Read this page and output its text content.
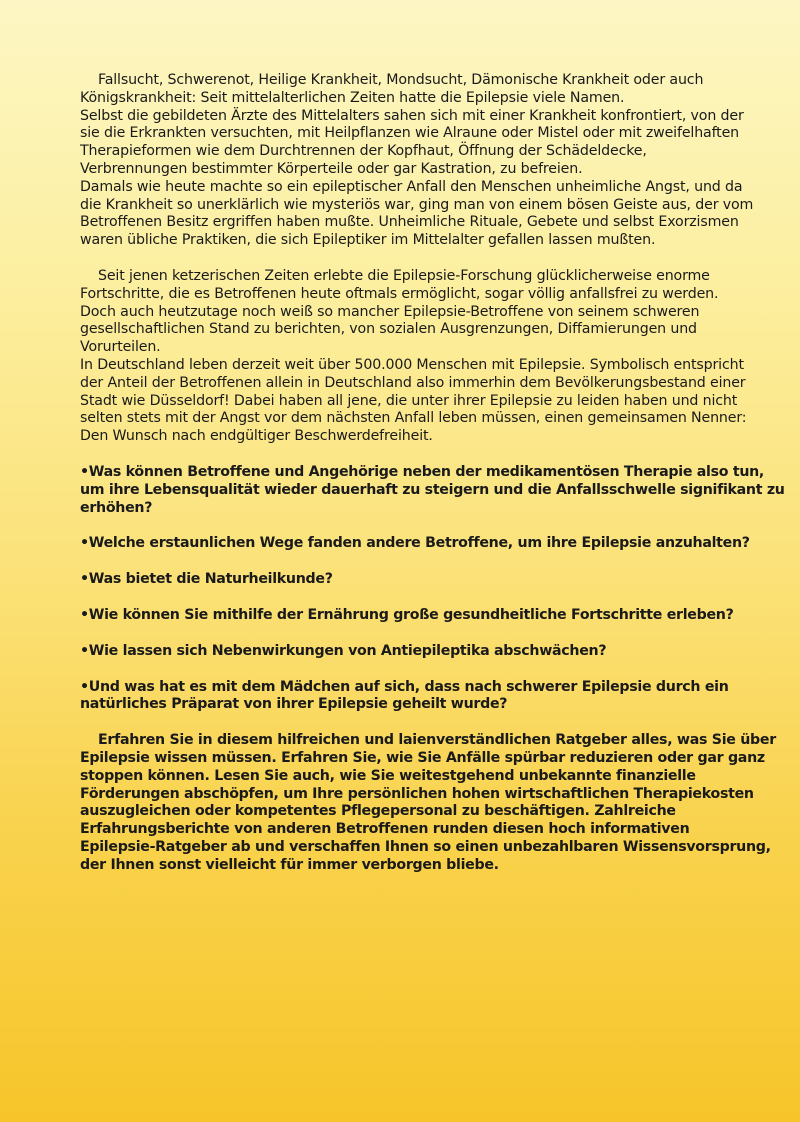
Fallsucht, Schwerenot, Heilige Krankheit, Mondsucht, Dämonische Krankheit oder auch
Königskrankheit: Seit mittelalterlichen Zeiten hatte die Epilepsie viele Namen.
Selbst die gebildeten Ärzte des Mittelalters sahen sich mit einer Krankheit konfrontiert, von der
sie die Erkrankten versuchten, mit Heilpflanzen wie Alraune oder Mistel oder mit zweifelhaften
Therapieformen wie dem Durchtrennen der Kopfhaut, Öffnung der Schädeldecke,
Verbrennungen bestimmter Körperteile oder gar Kastration, zu befreien.
Damals wie heute machte so ein epileptischer Anfall den Menschen unheimliche Angst, und da
die Krankheit so unerklärlich wie mysteriös war, ging man von einem bösen Geiste aus, der vom
Betroffenen Besitz ergriffen haben mußte. Unheimliche Rituale, Gebete und selbst Exorzismen
waren übliche Praktiken, die sich Epileptiker im Mittelalter gefallen lassen mußten.
Seit jenen ketzerischen Zeiten erlebte die Epilepsie-Forschung glücklicherweise enorme
Fortschritte, die es Betroffenen heute oftmals ermöglicht, sogar völlig anfallsfrei zu werden.
Doch auch heutzutage noch weiß so mancher Epilepsie-Betroffene von seinem schweren
gesellschaftlichen Stand zu berichten, von sozialen Ausgrenzungen, Diffamierungen und
Vorurteilen.
In Deutschland leben derzeit weit über 500.000 Menschen mit Epilepsie. Symbolisch entspricht
der Anteil der Betroffenen allein in Deutschland also immerhin dem Bevölkerungsbestand einer
Stadt wie Düsseldorf! Dabei haben all jene, die unter ihrer Epilepsie zu leiden haben und nicht
selten stets mit der Angst vor dem nächsten Anfall leben müssen, einen gemeinsamen Nenner:
Den Wunsch nach endgültiger Beschwerdefreiheit.
•Was können Betroffene und Angehörige neben der medikamentösen Therapie also tun,
um ihre Lebensqualität wieder dauerhaft zu steigern und die Anfallsschwelle signifikant zu
erhöhen?
•Welche erstaunlichen Wege fanden andere Betroffene, um ihre Epilepsie anzuhalten?
•Was bietet die Naturheilkunde?
•Wie können Sie mithilfe der Ernährung große gesundheitliche Fortschritte erleben?
•Wie lassen sich Nebenwirkungen von Antiepileptika abschwächen?
•Und was hat es mit dem Mädchen auf sich, dass nach schwerer Epilepsie durch ein
natürliches Präparat von ihrer Epilepsie geheilt wurde?
Erfahren Sie in diesem hilfreichen und laienverständlichen Ratgeber alles, was Sie über
Epilepsie wissen müssen. Erfahren Sie, wie Sie Anfälle spürbar reduzieren oder gar ganz
stoppen können. Lesen Sie auch, wie Sie weitestgehend unbekannte finanzielle
Förderungen abschöpfen, um Ihre persönlichen hohen wirtschaftlichen Therapiekosten
auszugleichen oder kompetentes Pflegepersonal zu beschäftigen. Zahlreiche
Erfahrungsberichte von anderen Betroffenen runden diesen hoch informativen
Epilepsie-Ratgeber ab und verschaffen Ihnen so einen unbezahlbaren Wissensvorsprung,
der Ihnen sonst vielleicht für immer verborgen bliebe.
